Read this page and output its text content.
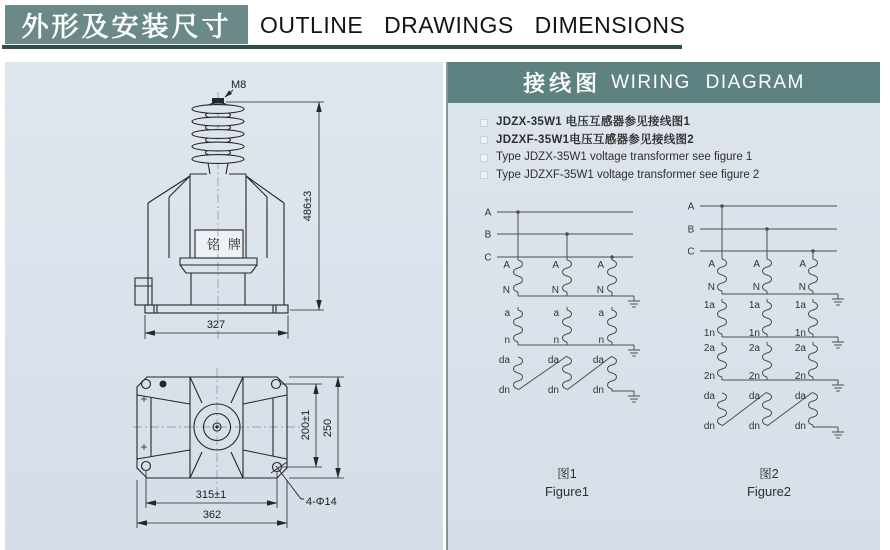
外形及安装尺寸 OUTLINE DRAWINGS DIMENSIONS
M8
铭牌
486±3
327
200±1 250
315±1
362
4-Φ14
接线图 WIRING DIAGRAM
JDZX-35W1 电压互感器参见接线图1
JDZXF-35W1电压互感器参见接线图2
Type JDZX-35W1 voltage transformer see figure 1
Type JDZXF-35W1 voltage transformer see figure 2
A
B
C
A
N
A
N
A
N
a
n
a
n
a
n
da
dn
da
dn
da
dn
图1
Figure1
A
B
C
A
N
A
N
A
N
1a
1n
1a
1n
1a
1n
2a
2n
2a
2n
2a
2n
da
dn
da
dn
da
dn
图2
Figure2
